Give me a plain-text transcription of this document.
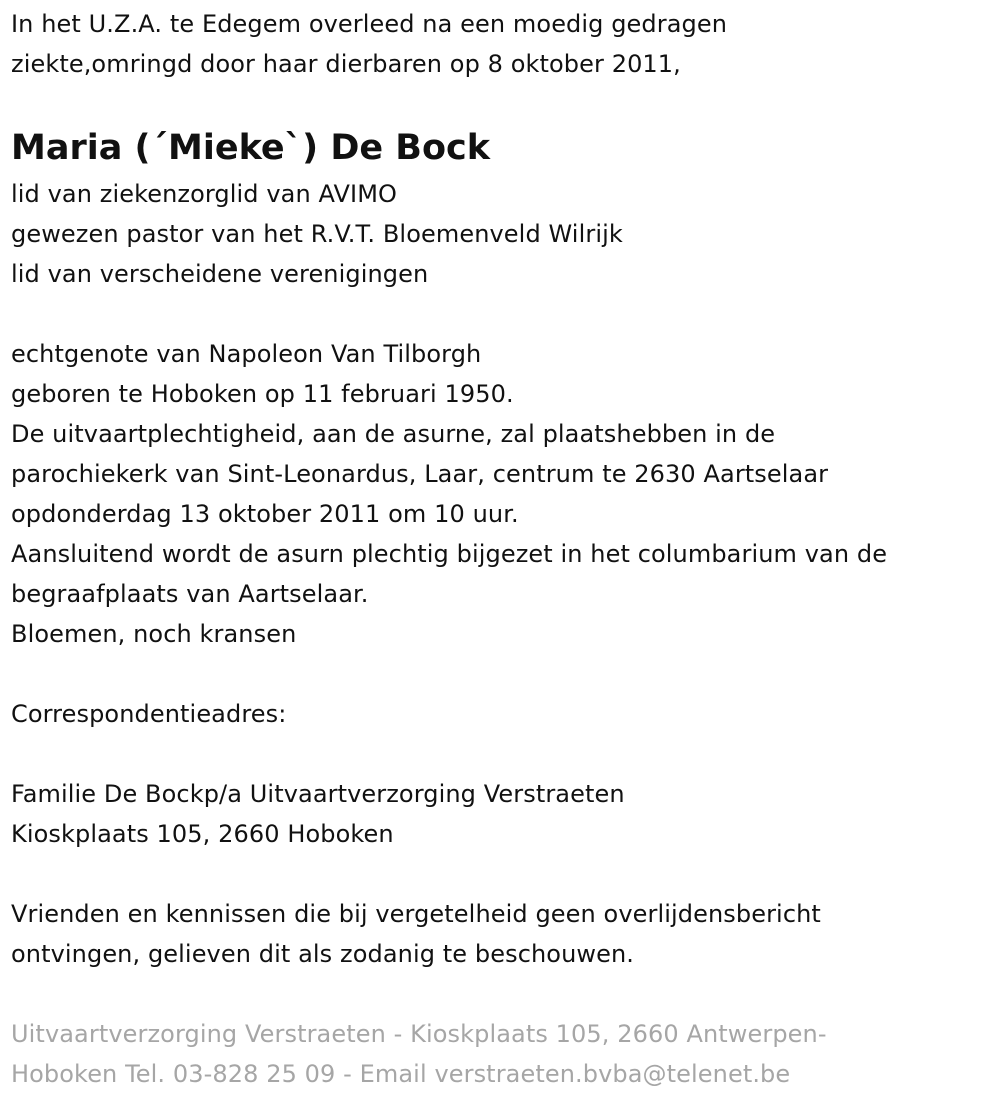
In het U.Z.A. te Edegem overleed na een moedig gedragen
ziekte,omringd door haar dierbaren op 8 oktober 2011,
Maria (´Mieke`) De Bock
lid van ziekenzorglid van AVIMO
gewezen pastor van het R.V.T. Bloemenveld Wilrijk
lid van verscheidene verenigingen
echtgenote van Napoleon Van Tilborgh
geboren te Hoboken op 11 februari 1950.
De uitvaartplechtigheid, aan de asurne, zal plaatshebben in de
parochiekerk van Sint-Leonardus, Laar, centrum te 2630 Aartselaar
opdonderdag 13 oktober 2011 om 10 uur.
Aansluitend wordt de asurn plechtig bijgezet in het columbarium van de
begraafplaats van Aartselaar.
Bloemen, noch kransen
Correspondentieadres:
Familie De Bockp/a Uitvaartverzorging Verstraeten
Kioskplaats 105, 2660 Hoboken
Vrienden en kennissen die bij vergetelheid geen overlijdensbericht
ontvingen, gelieven dit als zodanig te beschouwen.
Uitvaartverzorging Verstraeten - Kioskplaats 105, 2660 Antwerpen-
Hoboken Tel. 03-828 25 09 - Email verstraeten.bvba@telenet.be
